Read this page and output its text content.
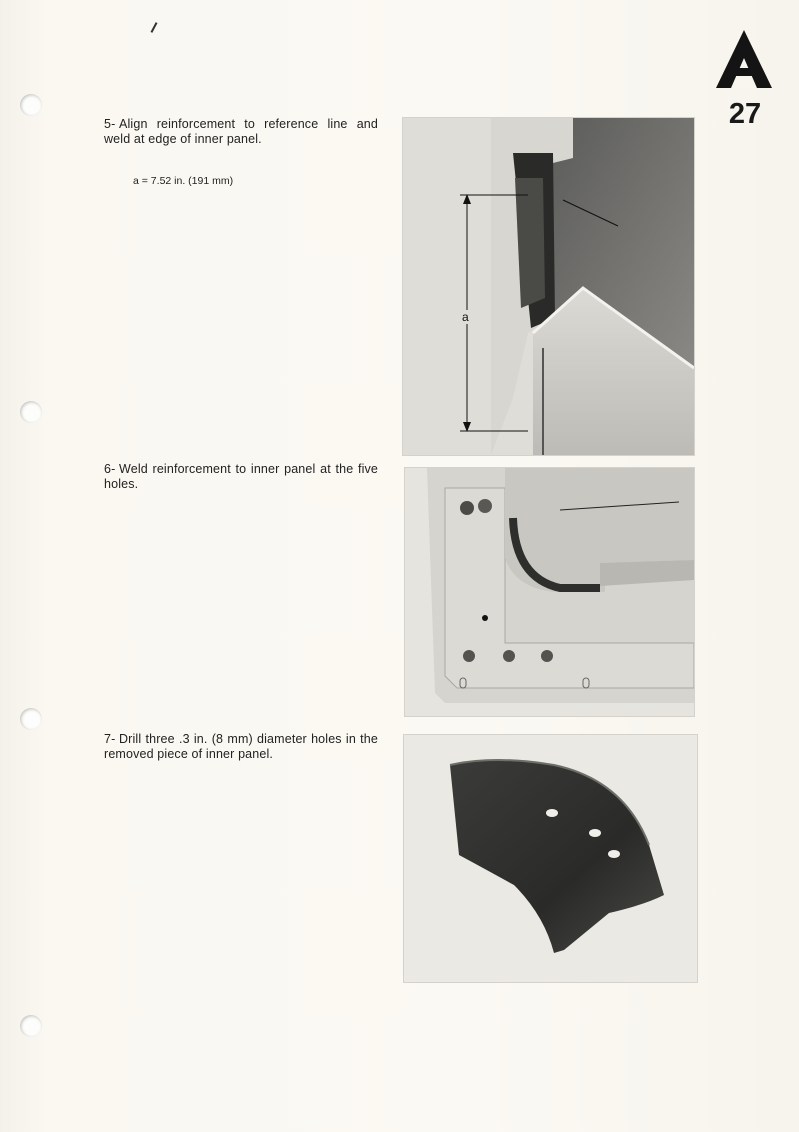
27
5- Align reinforcement to reference line and weld at edge of inner panel.
a = 7.52 in. (191 mm)
a
6- Weld reinforcement to inner panel at the five holes.
7- Drill three .3 in. (8 mm) diameter holes in the removed piece of inner panel.
